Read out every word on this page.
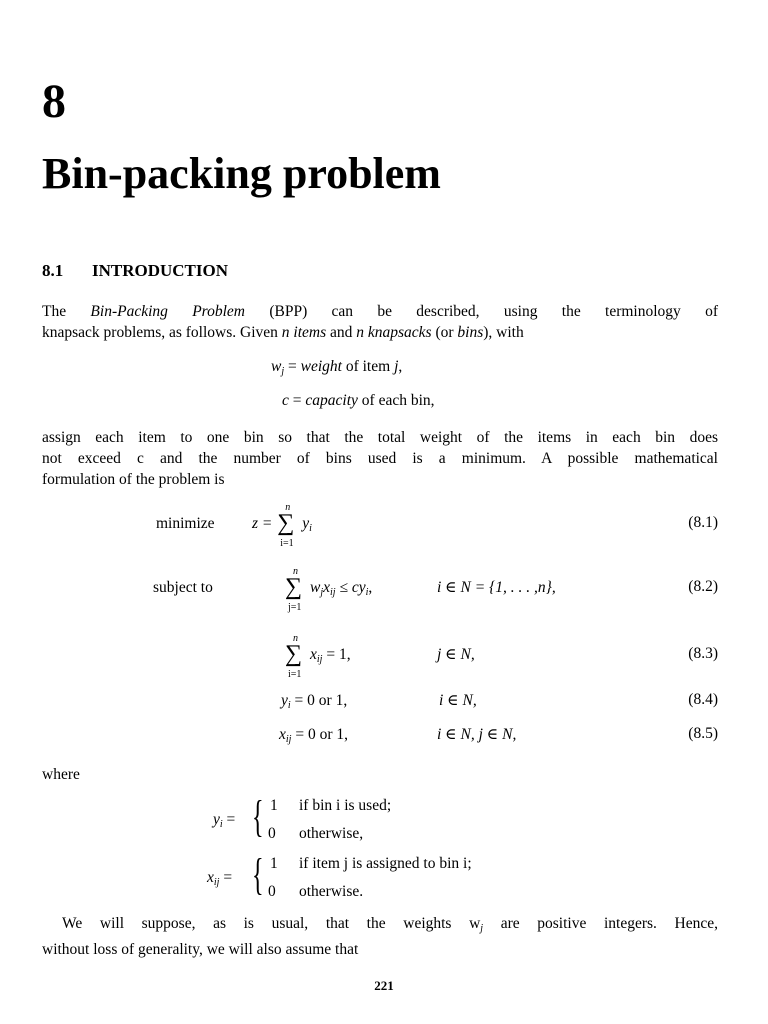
8
Bin-packing problem
8.1 INTRODUCTION
The Bin-Packing Problem (BPP) can be described, using the terminology of
knapsack problems, as follows. Given n items and n knapsacks (or bins), with
$w_j$ = weight of item j,
c = capacity of each bin,
assign each item to one bin so that the total weight of the items in each bin does
not exceed c and the number of bins used is a minimum. A possible mathematical
formulation of the problem is
minimize z =
n
∑
i=1
$y_i$	(8.1)
subject to
n
∑
j=1
$w_jx_{ij} \le cy_i$,	i ∈ N = {1, . . . ,n},	(8.2)
n
∑
i=1
$x_{ij} = 1$,	j ∈ N,	(8.3)
$y_i = 0$ or 1,	i ∈ N,	(8.4)
$x_{ij} = 0$ or 1,	i ∈ N, j ∈ N,	(8.5)
where
$y_i$ = { 1 if bin i is used;
0 otherwise,
$x_{ij}$ = { 1 if item j is assigned to bin i;
0 otherwise.
We will suppose, as is usual, that the weights $w_j$ are positive integers. Hence,
without loss of generality, we will also assume that
221
